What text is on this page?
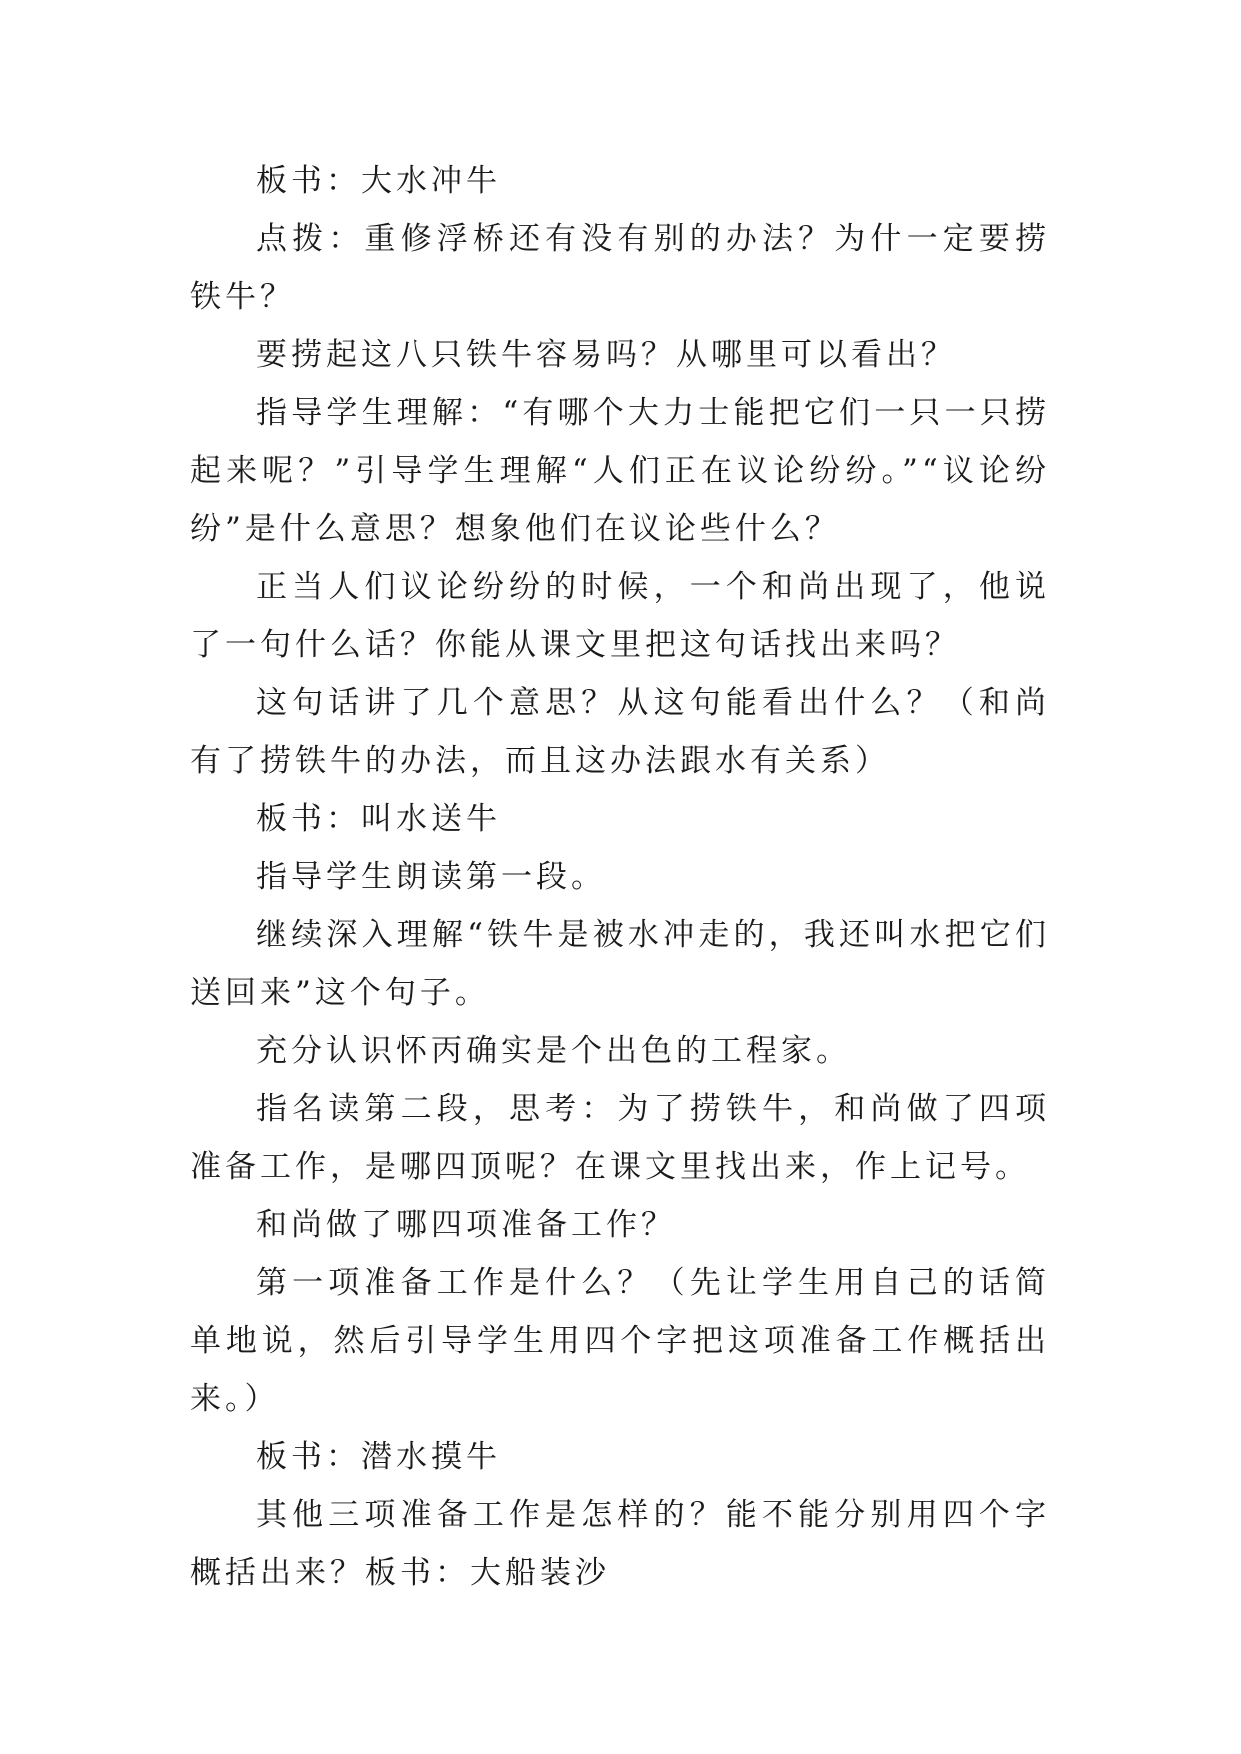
板书：大水冲牛

点拨：重修浮桥还有没有别的办法？为什一定要捞铁牛？

要捞起这八只铁牛容易吗？从哪里可以看出？

指导学生理解：“有哪个大力士能把它们一只一只捞起来呢？”引导学生理解“人们正在议论纷纷。”“议论纷纷”是什么意思？想象他们在议论些什么？

正当人们议论纷纷的时候，一个和尚出现了，他说了一句什么话？你能从课文里把这句话找出来吗？

这句话讲了几个意思？从这句能看出什么？（和尚有了捞铁牛的办法，而且这办法跟水有关系）

板书：叫水送牛

指导学生朗读第一段。

继续深入理解“铁牛是被水冲走的，我还叫水把它们送回来”这个句子。

充分认识怀丙确实是个出色的工程家。

指名读第二段，思考：为了捞铁牛，和尚做了四项准备工作，是哪四顶呢？在课文里找出来，作上记号。

和尚做了哪四项准备工作？

第一项准备工作是什么？（先让学生用自己的话简单地说，然后引导学生用四个字把这项准备工作概括出来。）

板书：潜水摸牛

其他三项准备工作是怎样的？能不能分别用四个字概括出来？板书：大船装沙
